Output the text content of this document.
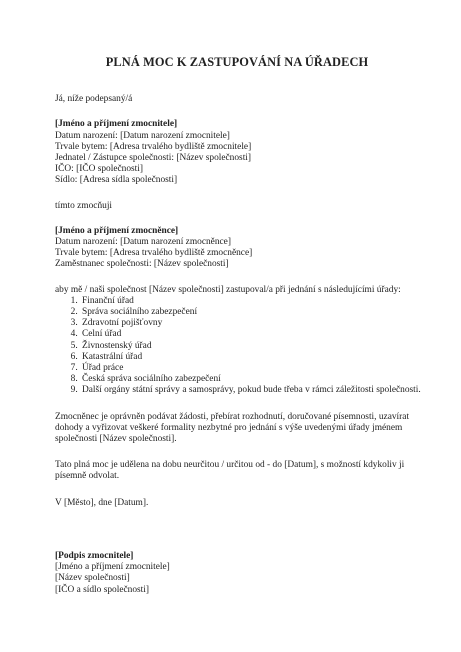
PLNÁ MOC K ZASTUPOVÁNÍ NA ÚŘADECH

Já, níže podepsaný/á

[Jméno a příjmení zmocnitele]

Datum narození: [Datum narození zmocnitele]

Trvale bytem: [Adresa trvalého bydliště zmocnitele]

Jednatel / Zástupce společnosti: [Název společnosti]

IČO: [IČO společnosti]

Sídlo: [Adresa sídla společnosti]

tímto zmocňuji

[Jméno a příjmení zmocněnce]

Datum narození: [Datum narození zmocněnce]

Trvale bytem: [Adresa trvalého bydliště zmocněnce]

Zaměstnanec společnosti: [Název společnosti]

aby mě / naši společnost [Název společnosti] zastupoval/a při jednání s následujícími úřady:

1. Finanční úřad
2. Správa sociálního zabezpečení
3. Zdravotní pojišťovny
4. Celní úřad
5. Živnostenský úřad
6. Katastrální úřad
7. Úřad práce
8. Česká správa sociálního zabezpečení
9. Další orgány státní správy a samosprávy, pokud bude třeba v rámci záležitosti společnosti.

Zmocněnec je oprávněn podávat žádosti, přebírat rozhodnutí, doručované písemnosti, uzavírat dohody a vyřizovat veškeré formality nezbytné pro jednání s výše uvedenými úřady jménem společnosti [Název společnosti].

Tato plná moc je udělena na dobu neurčitou / určitou od - do [Datum], s možností kdykoliv ji písemně odvolat.

V [Město], dne [Datum].

[Podpis zmocnitele]

[Jméno a příjmení zmocnitele]

[Název společnosti]

[IČO a sídlo společnosti]
